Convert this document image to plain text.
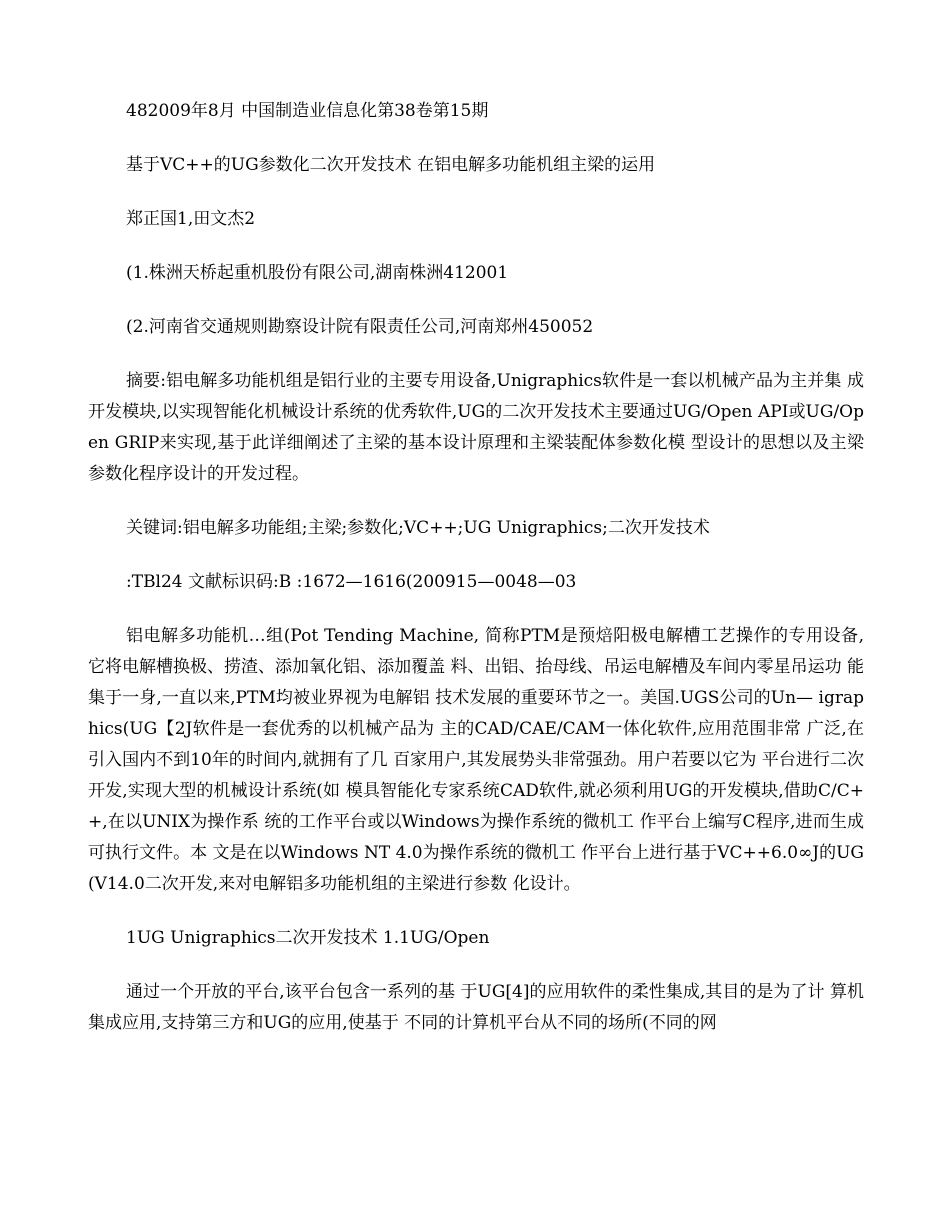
482009年8月 中国制造业信息化第38卷第15期

基于VC++的UG参数化二次开发技术 在铝电解多功能机组主梁的运用

郑正国1,田文杰2

(1.株洲天桥起重机股份有限公司,湖南株洲412001

(2.河南省交通规则勘察设计院有限责任公司,河南郑州450052

摘要:铝电解多功能机组是铝行业的主要专用设备,Unigraphics软件是一套以机械产品为主并集 成开发模块,以实现智能化机械设计系统的优秀软件,UG的二次开发技术主要通过UG/Open API或UG/Open GRIP来实现,基于此详细阐述了主梁的基本设计原理和主梁装配体参数化模 型设计的思想以及主梁参数化程序设计的开发过程。

关键词:铝电解多功能组;主梁;参数化;VC++;UG Unigraphics;二次开发技术

:TBl24 文献标识码:B :1672—1616(200915—0048—03

铝电解多功能机…组(Pot Tending Machine, 简称PTM是预焙阳极电解槽工艺操作的专用设备,它将电解槽换极、捞渣、添加氧化铝、添加覆盖 料、出铝、抬母线、吊运电解槽及车间内零星吊运功 能集于一身,一直以来,PTM均被业界视为电解铝 技术发展的重要环节之一。美国.UGS公司的Un— igraphics(UG【2J软件是一套优秀的以机械产品为 主的CAD/CAE/CAM一体化软件,应用范围非常 广泛,在引入国内不到10年的时间内,就拥有了几 百家用户,其发展势头非常强劲。用户若要以它为 平台进行二次开发,实现大型的机械设计系统(如 模具智能化专家系统CAD软件,就必须利用UG的开发模块,借助C/C++,在以UNIX为操作系 统的工作平台或以Windows为操作系统的微机工 作平台上编写C程序,进而生成可执行文件。本 文是在以Windows NT 4.0为操作系统的微机工 作平台上进行基于VC++6.0∞J的UG(V14.0二次开发,来对电解铝多功能机组的主梁进行参数 化设计。

1UG Unigraphics二次开发技术 1.1UG/Open

通过一个开放的平台,该平台包含一系列的基 于UG[4]的应用软件的柔性集成,其目的是为了计 算机集成应用,支持第三方和UG的应用,使基于 不同的计算机平台从不同的场所(不同的网
